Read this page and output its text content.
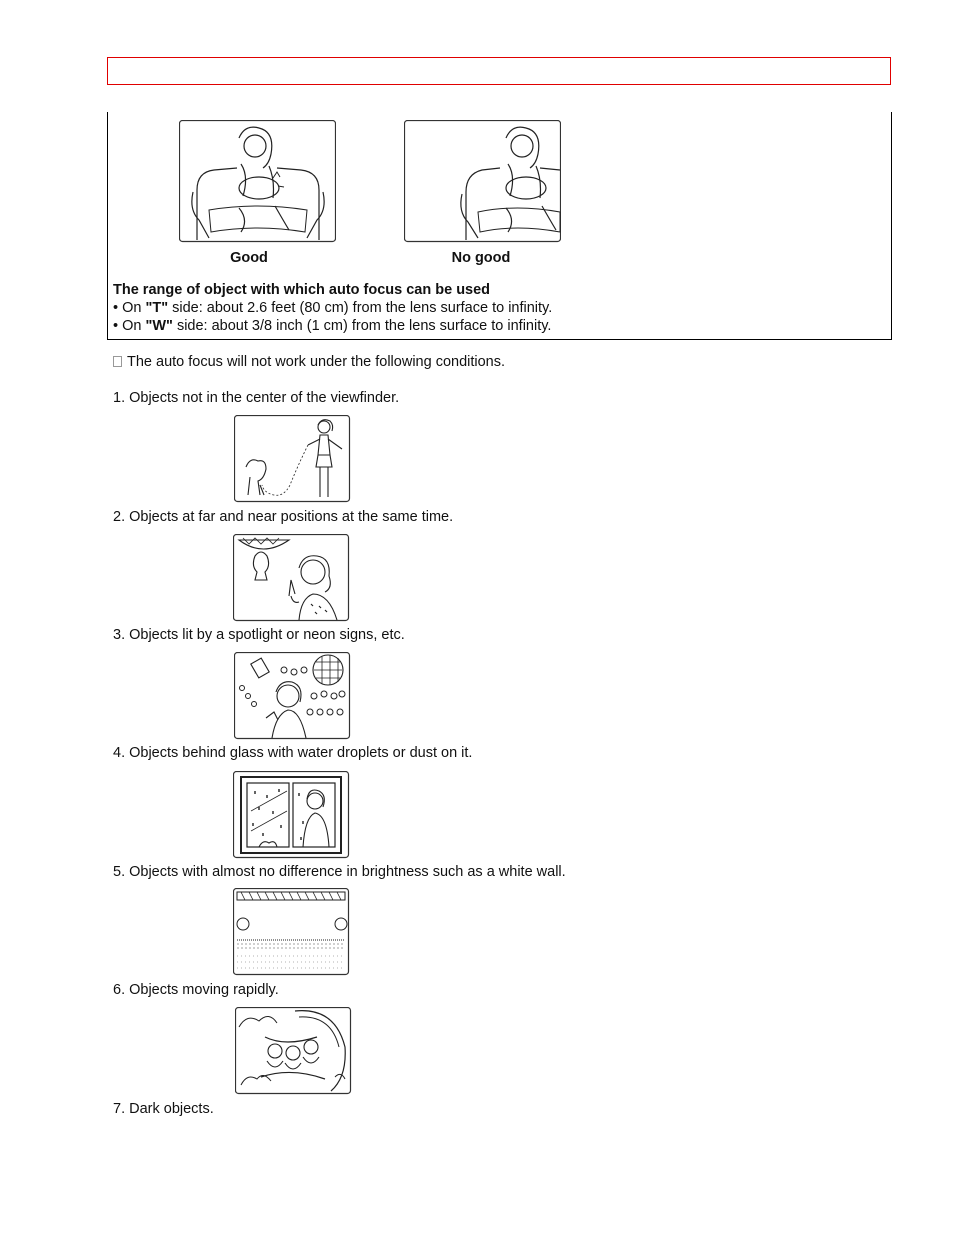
Good	No good
The range of object with which auto focus can be used
• On "T" side: about 2.6 feet (80 cm) from the lens surface to infinity.
• On "W" side: about 3/8 inch (1 cm) from the lens surface to infinity.
The auto focus will not work under the following conditions.
1. Objects not in the center of the viewfinder.
2. Objects at far and near positions at the same time.
3. Objects lit by a spotlight or neon signs, etc.
4. Objects behind glass with water droplets or dust on it.
5. Objects with almost no difference in brightness such as a white wall.
6. Objects moving rapidly.
7. Dark objects.
